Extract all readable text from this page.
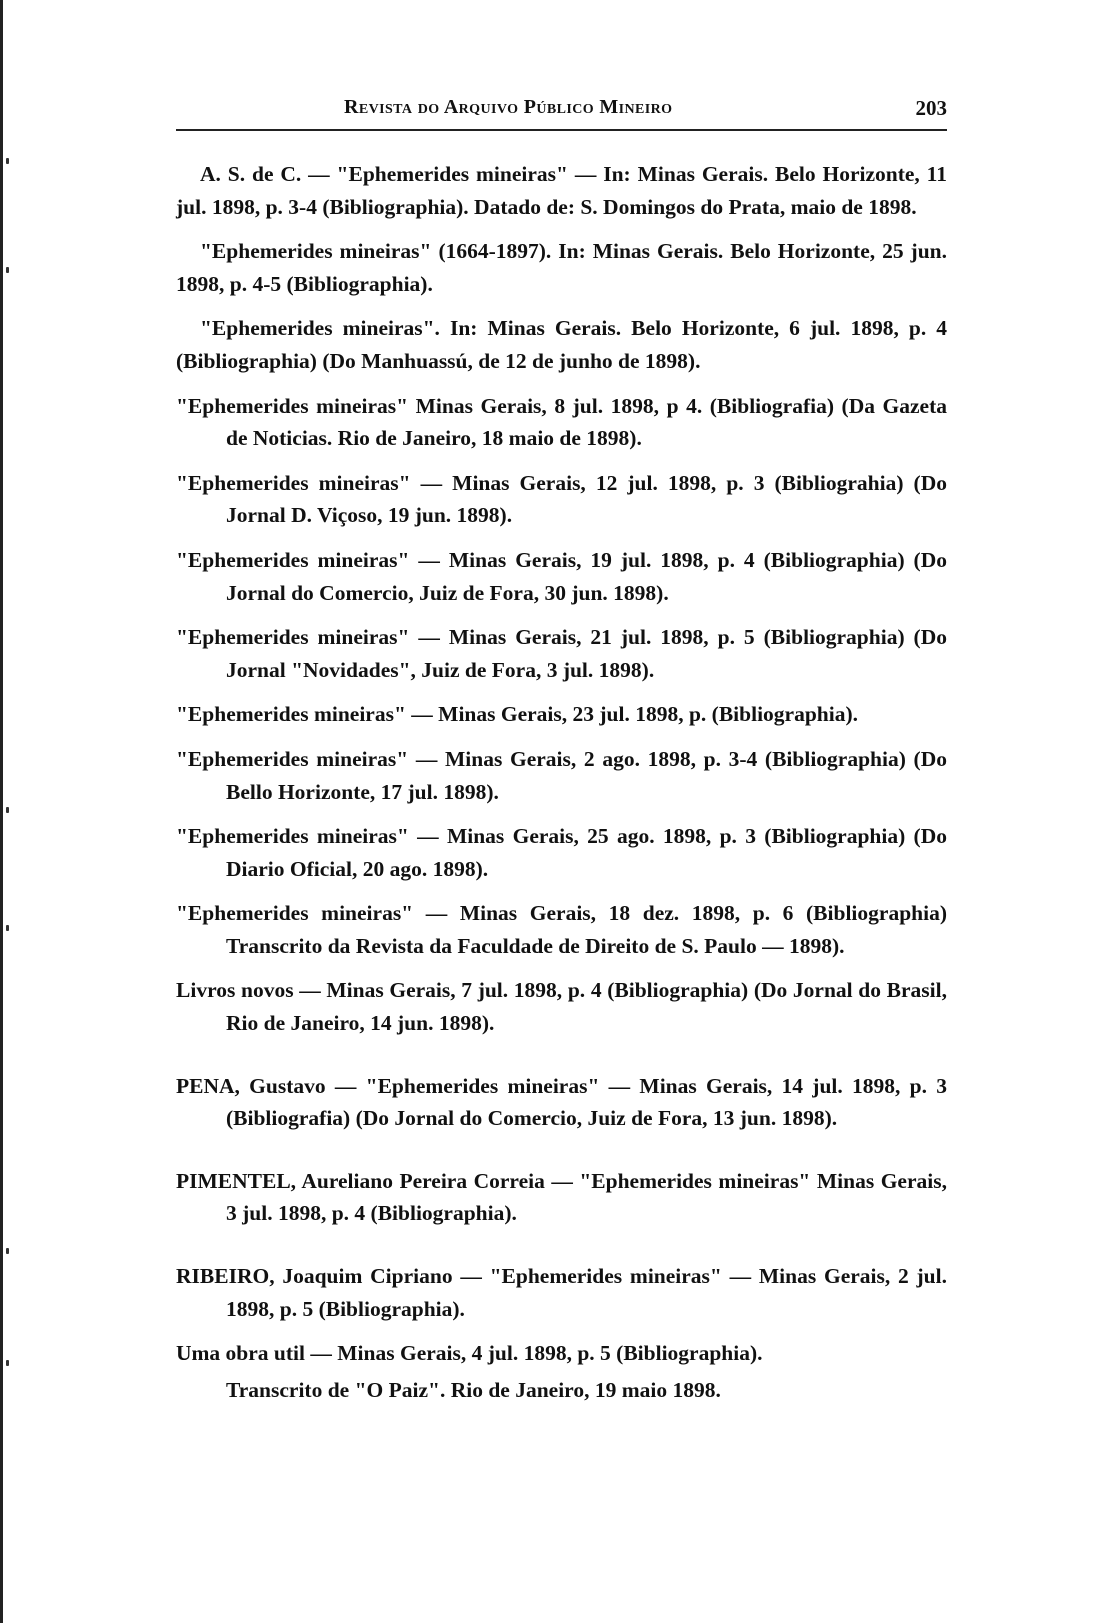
Revista do Arquivo Público Mineiro	203

A. S. de C. — "Ephemerides mineiras" — In: Minas Gerais. Belo Horizonte, 11 jul. 1898, p. 3-4 (Bibliographia). Datado de: S. Domingos do Prata, maio de 1898.

"Ephemerides mineiras" (1664-1897). In: Minas Gerais. Belo Horizonte, 25 jun. 1898, p. 4-5 (Bibliographia).

"Ephemerides mineiras". In: Minas Gerais. Belo Horizonte, 6 jul. 1898, p. 4 (Bibliographia) (Do Manhuassú, de 12 de junho de 1898).

"Ephemerides mineiras" Minas Gerais, 8 jul. 1898, p 4. (Bibliografia) (Da Gazeta de Noticias. Rio de Janeiro, 18 maio de 1898).

"Ephemerides mineiras" — Minas Gerais, 12 jul. 1898, p. 3 (Bibliograhia) (Do Jornal D. Viçoso, 19 jun. 1898).

"Ephemerides mineiras" — Minas Gerais, 19 jul. 1898, p. 4 (Bibliographia) (Do Jornal do Comercio, Juiz de Fora, 30 jun. 1898).

"Ephemerides mineiras" — Minas Gerais, 21 jul. 1898, p. 5 (Bibliographia) (Do Jornal "Novidades", Juiz de Fora, 3 jul. 1898).

"Ephemerides mineiras" — Minas Gerais, 23 jul. 1898, p. (Bibliographia).

"Ephemerides mineiras" — Minas Gerais, 2 ago. 1898, p. 3-4 (Bibliographia) (Do Bello Horizonte, 17 jul. 1898).

"Ephemerides mineiras" — Minas Gerais, 25 ago. 1898, p. 3 (Bibliographia) (Do Diario Oficial, 20 ago. 1898).

"Ephemerides mineiras" — Minas Gerais, 18 dez. 1898, p. 6 (Bibliographia) Transcrito da Revista da Faculdade de Direito de S. Paulo — 1898).

Livros novos — Minas Gerais, 7 jul. 1898, p. 4 (Bibliographia) (Do Jornal do Brasil, Rio de Janeiro, 14 jun. 1898).

PENA, Gustavo — "Ephemerides mineiras" — Minas Gerais, 14 jul. 1898, p. 3 (Bibliografia) (Do Jornal do Comercio, Juiz de Fora, 13 jun. 1898).

PIMENTEL, Aureliano Pereira Correia — "Ephemerides mineiras" Minas Gerais, 3 jul. 1898, p. 4 (Bibliographia).

RIBEIRO, Joaquim Cipriano — "Ephemerides mineiras" — Minas Gerais, 2 jul. 1898, p. 5 (Bibliographia).

Uma obra util — Minas Gerais, 4 jul. 1898, p. 5 (Bibliographia).

Transcrito de "O Paiz". Rio de Janeiro, 19 maio 1898.
